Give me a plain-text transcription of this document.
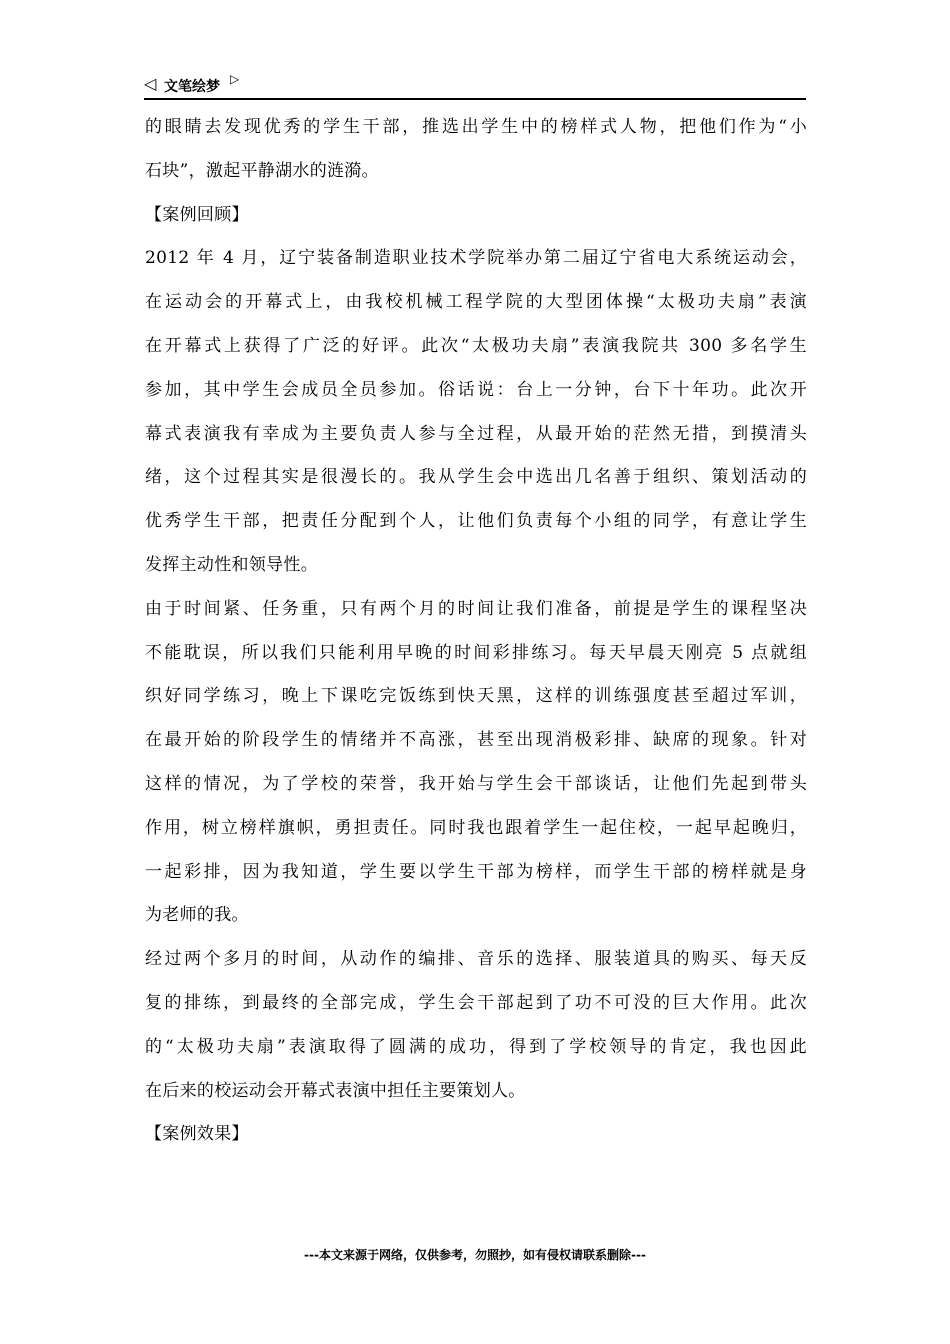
◁ 文笔绘梦 ▷
的眼睛去发现优秀的学生干部，推选出学生中的榜样式人物，把他们作为“小
石块”，激起平静湖水的涟漪。
【案例回顾】
2012 年 4 月，辽宁装备制造职业技术学院举办第二届辽宁省电大系统运动会，
在运动会的开幕式上，由我校机械工程学院的大型团体操“太极功夫扇”表演
在开幕式上获得了广泛的好评。此次“太极功夫扇”表演我院共 300 多名学生
参加，其中学生会成员全员参加。俗话说：台上一分钟，台下十年功。此次开
幕式表演我有幸成为主要负责人参与全过程，从最开始的茫然无措，到摸清头
绪，这个过程其实是很漫长的。我从学生会中选出几名善于组织、策划活动的
优秀学生干部，把责任分配到个人，让他们负责每个小组的同学，有意让学生
发挥主动性和领导性。
由于时间紧、任务重，只有两个月的时间让我们准备，前提是学生的课程坚决
不能耽误，所以我们只能利用早晚的时间彩排练习。每天早晨天刚亮 5 点就组
织好同学练习，晚上下课吃完饭练到快天黑，这样的训练强度甚至超过军训，
在最开始的阶段学生的情绪并不高涨，甚至出现消极彩排、缺席的现象。针对
这样的情况，为了学校的荣誉，我开始与学生会干部谈话，让他们先起到带头
作用，树立榜样旗帜，勇担责任。同时我也跟着学生一起住校，一起早起晚归，
一起彩排，因为我知道，学生要以学生干部为榜样，而学生干部的榜样就是身
为老师的我。
经过两个多月的时间，从动作的编排、音乐的选择、服装道具的购买、每天反
复的排练，到最终的全部完成，学生会干部起到了功不可没的巨大作用。此次
的“太极功夫扇”表演取得了圆满的成功，得到了学校领导的肯定，我也因此
在后来的校运动会开幕式表演中担任主要策划人。
【案例效果】
---本文来源于网络，仅供参考，勿照抄，如有侵权请联系删除---
